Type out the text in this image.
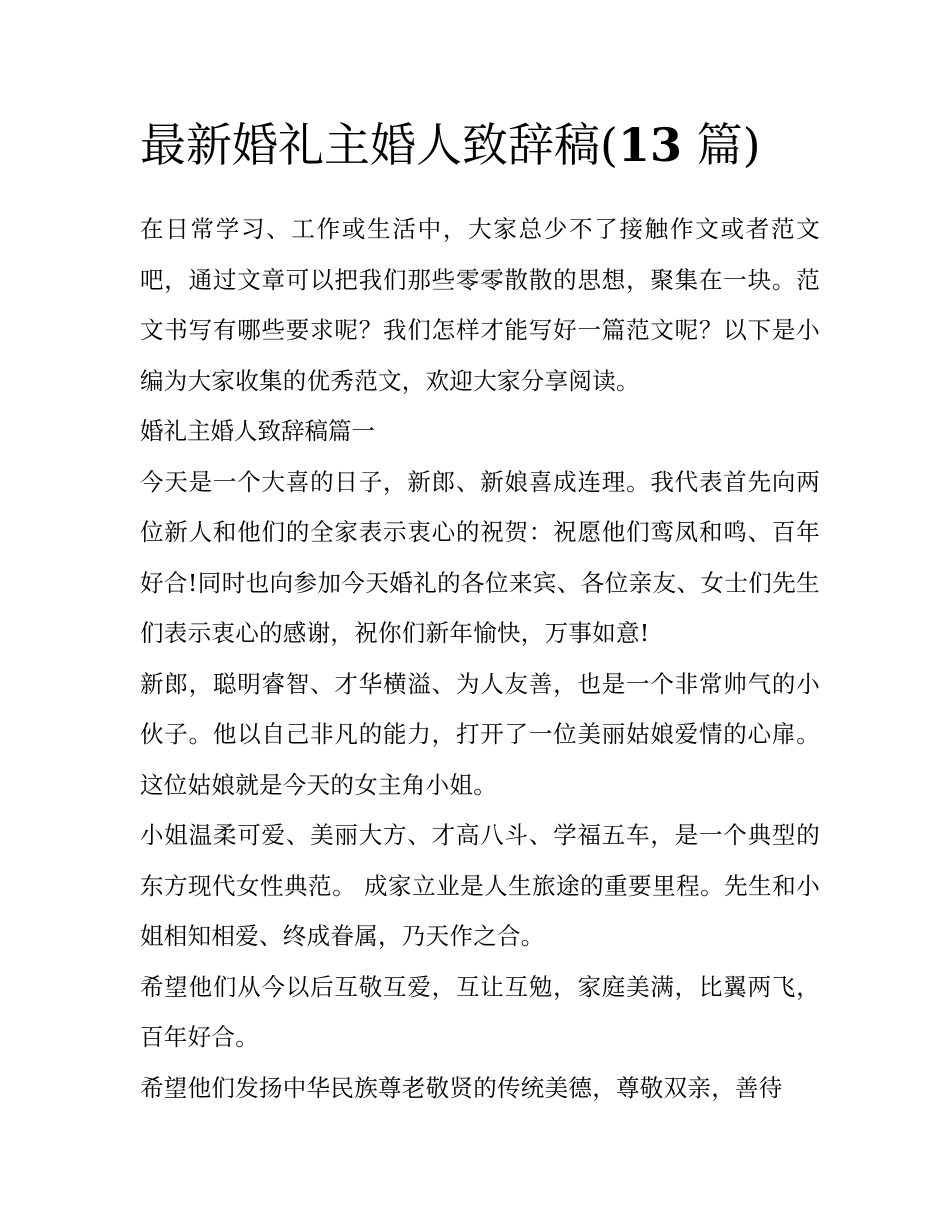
最新婚礼主婚人致辞稿(13 篇)

在日常学习、工作或生活中，大家总少不了接触作文或者范文吧，通过文章可以把我们那些零零散散的思想，聚集在一块。范文书写有哪些要求呢？我们怎样才能写好一篇范文呢？以下是小编为大家收集的优秀范文，欢迎大家分享阅读。

婚礼主婚人致辞稿篇一

今天是一个大喜的日子，新郎、新娘喜成连理。我代表首先向两位新人和他们的全家表示衷心的祝贺：祝愿他们鸾凤和鸣、百年好合!同时也向参加今天婚礼的各位来宾、各位亲友、女士们先生们表示衷心的感谢，祝你们新年愉快，万事如意!

新郎，聪明睿智、才华横溢、为人友善，也是一个非常帅气的小伙子。他以自己非凡的能力，打开了一位美丽姑娘爱情的心扉。这位姑娘就是今天的女主角小姐。

小姐温柔可爱、美丽大方、才高八斗、学福五车，是一个典型的东方现代女性典范。 成家立业是人生旅途的重要里程。先生和小姐相知相爱、终成眷属，乃天作之合。

希望他们从今以后互敬互爱，互让互勉，家庭美满，比翼两飞，百年好合。

希望他们发扬中华民族尊老敬贤的传统美德，尊敬双亲，善待
